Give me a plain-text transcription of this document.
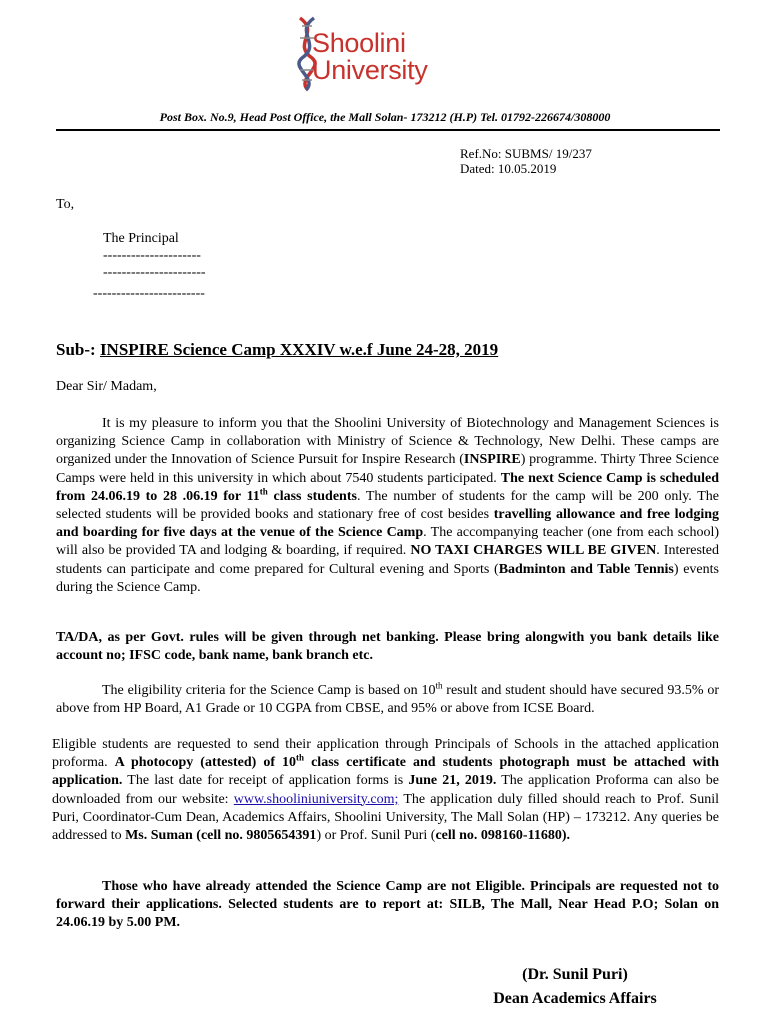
Shoolini
University
Post Box. No.9, Head Post Office, the Mall Solan- 173212 (H.P) Tel. 01792-226674/308000
Ref.No: SUBMS/ 19/237
Dated: 10.05.2019
To,
The Principal
---------------------
----------------------
------------------------
Sub-: INSPIRE Science Camp XXXIV w.e.f June 24-28, 2019
Dear Sir/ Madam,
It is my pleasure to inform you that the Shoolini University of Biotechnology and Management Sciences is organizing Science Camp in collaboration with Ministry of Science & Technology, New Delhi. These camps are organized under the Innovation of Science Pursuit for Inspire Research (INSPIRE) programme. Thirty Three Science Camps were held in this university in which about 7540 students participated. The next Science Camp is scheduled from 24.06.19 to 28 .06.19 for 11th class students. The number of students for the camp will be 200 only. The selected students will be provided books and stationary free of cost besides travelling allowance and free lodging and boarding for five days at the venue of the Science Camp. The accompanying teacher (one from each school) will also be provided TA and lodging & boarding, if required. NO TAXI CHARGES WILL BE GIVEN. Interested students can participate and come prepared for Cultural evening and Sports (Badminton and Table Tennis) events during the Science Camp.
TA/DA, as per Govt. rules will be given through net banking. Please bring alongwith you bank details like account no; IFSC code, bank name, bank branch etc.
The eligibility criteria for the Science Camp is based on 10th result and student should have secured 93.5% or above from HP Board, A1 Grade or 10 CGPA from CBSE, and 95% or above from ICSE Board.
Eligible students are requested to send their application through Principals of Schools in the attached application proforma. A photocopy (attested) of 10th class certificate and students photograph must be attached with application. The last date for receipt of application forms is June 21, 2019. The application Proforma can also be downloaded from our website: www.shooliniuniversity.com; The application duly filled should reach to Prof. Sunil Puri, Coordinator-Cum Dean, Academics Affairs, Shoolini University, The Mall Solan (HP) – 173212. Any queries be addressed to Ms. Suman (cell no. 9805654391) or Prof. Sunil Puri (cell no. 098160-11680).
Those who have already attended the Science Camp are not Eligible. Principals are requested not to forward their applications. Selected students are to report at: SILB, The Mall, Near Head P.O; Solan on 24.06.19 by 5.00 PM.
(Dr. Sunil Puri)
Dean Academics Affairs
